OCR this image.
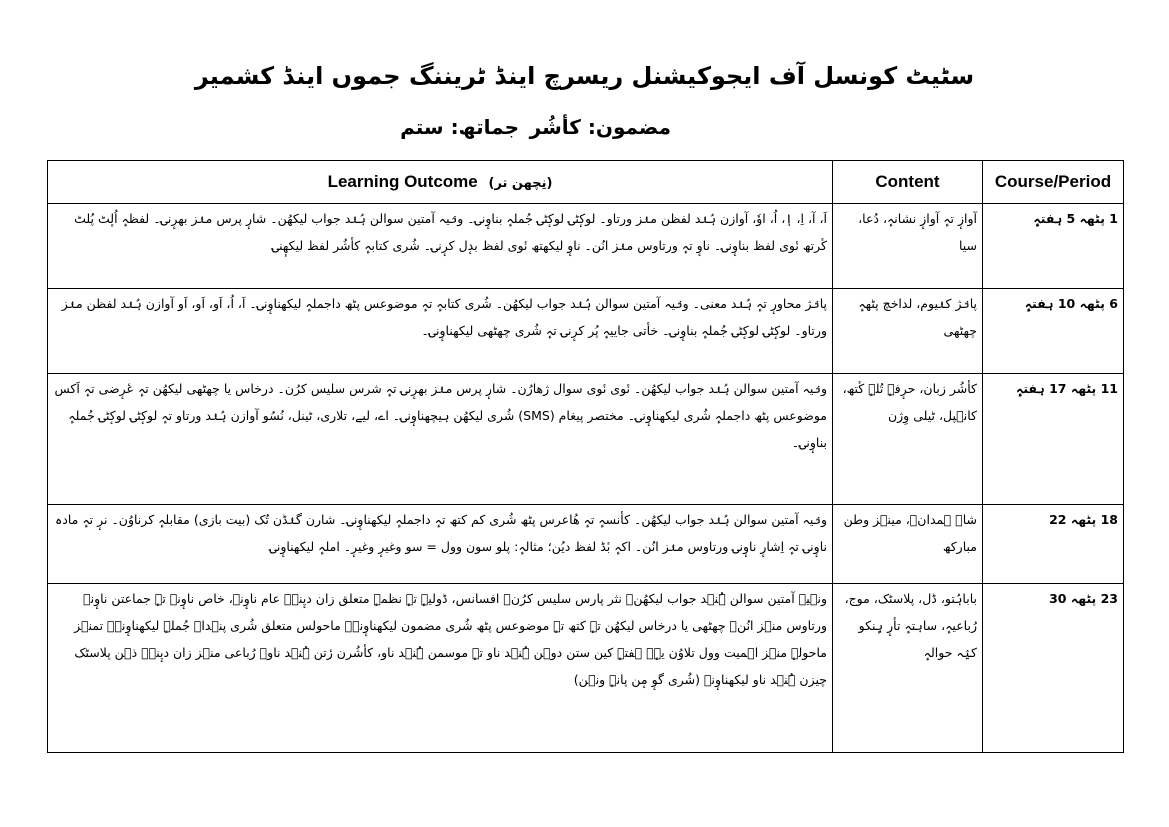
سٹیٹ کونسل آف ایجوکیشنل ریسرچ اینڈ ٹریننگ جموں اینڈ کشمیر
مضمون: کأشُر
جماتھ: ستم
Learning Outcome (نِچھن تر)	Content	Course/Period
اَ، آ، اِ، اٖ، اُ، اوٗ، آوازن ہُنٛد لفظن منٛز ورتاو۔ لوکٕٹۍ لوکٕٹۍ جُملہٕ بناوٕنۍ۔ ونٛیہ آمتین سوالن ہُنٛد جواب لیکھُن۔ شارٕ پرس منٛز بھرٕنۍ۔ لفظہٕ اُلٕٹ پُلٹ کٔرتھ نٔوی لفظ بناوٕنۍ۔ ناوٕ تہٕ ورتاوس منٛز انُن۔ ناوٕ لیکھتھ نٔوی لفظ بدٕل کرٕنۍ۔ شُری کتابہٕ کأشُر لفظ لیکھٕنۍ	آوازٕ تہٕ آوازٕ نشانہٕ، دُعا، سیا	1 پٹھہ 5 ہفتہٕ
پانٛژ محاورٕ تہٕ ہُنٛد معنی۔ ونٛیہ آمتین سوالن ہُنٛد جواب لیکھُن۔ شُری کتابہٕ تہٕ موضوعس پٹھ داجملہٕ لیکھناوٕنۍ۔ اَ، اُ، اَو، اَو، اَو آوازن ہُنٛد لفظن منٛز ورتاو۔ لوکٕٹۍ لوکٕٹۍ جُملہٕ بناوٕنۍ۔ خأتی جاییہٕ پُر کرٕنۍ تہٕ شُری چھٹھی لیکھناوٕنۍ۔	پانٛژ کنٛیوم، لداخچ پٹھہٕ چھٹھی	6 پٹھہ 10 ہفتہٕ
ونٛیہ آمتین سوالن ہُنٛد جواب لیکھُن۔ نٔوی نٔوی سوال ژھارُن۔ شارٕ پرس منٛز بھرٕنۍ تہٕ شرس سلیس کرُن۔ درخاس یا چھٹھی لیکھُن تہٕ عٔرٕضی تہٕ اَکس موضوعس پٹھ داجملہٕ شُری لیکھناوٕنۍ۔ مختصر پیغام (SMS) شُری لیکھُن ہیچھناوٕنۍ۔ اے، لیے، تلاری، ٹینل، نُسُو آوازن ہُنٛد ورتاو تہٕ لوکٕٹۍ لوکٕٹۍ جُملہٕ بناوٕنۍ۔	کأشُر زبان، حرٕفہٕ تُلہٕ کٔتھ، کانٛپل، ٹیلی وِژن	11 پٹھہ 17 ہفتہٕ
ونٛیہ آمتین سوالن ہُنٛد جواب لیکھُن۔ کأنسہٕ تہٕ ھُاعرس پٹھ شُری کم کتھ تہٕ داجملہٕ لیکھناوٕنۍ۔ شارن گنٛڈن تُک (بیت بازی) مقابلہٕ کرناوُن۔ نرٕ تہٕ مادہ ناوٕنۍ تہٕ اِشارٕ ناوٕنۍ ورتاوس منٛز انُن۔ اکہٕ بٔڈ لفظ دیُن؛ مثالہٕ: پلو سون وول = سو وغیرٕ وغیرٕ۔ املہٕ لیکھناوٕنۍ	شاہ ہمدانؒ، مینٛز وطن مبارکھ	18 پٹھہ 22
ونٛیہ آمتین سوالن ہُنٛد جواب لیکھُن۔ نثر پارس سلیس کرُن۔ افسانس، ڈولیہٕ تہٕ نظمہٕ متعلق زان دیٕنۍ۔ عام ناوٕنۍ، خاص ناوٕنۍ تہٕ جماعتن ناوٕنۍ ورتاوس منٛز انُن۔ چھٹھی یا درخاس لیکھُن تہٕ کتھ تہٕ موضوعس پٹھ شُری مضمون لیکھناوٕنۍ۔ ماحولس متعلق شُری پنٛداہ جُملہٕ لیکھناوٕنۍ۔ تمنٛز ماحولہٕ منٛز اہمیت وول تلاوُن یہٕ۔ ہفتہٕ کین ستن دوہن ہُنٛد ناو تہٕ موسمن ہُنٛد ناو، کأشُرن رٔتن ہُنٛد ناو۔ رُباعی منٛز زان دیٕنۍ۔ ذہن پلاسٹک چیزن ہُنٛد ناو لیکھناوٕنۍ (شُری گوٕ مٕن پانہٕ ونٛن)	باباہُتو، ڈل، پلاسٹک، موج، رُباعیہٕ، ساہتہٕ تأرٕ ہٕنکو کیٛہ حوالہٕ	23 پٹھہ 30
